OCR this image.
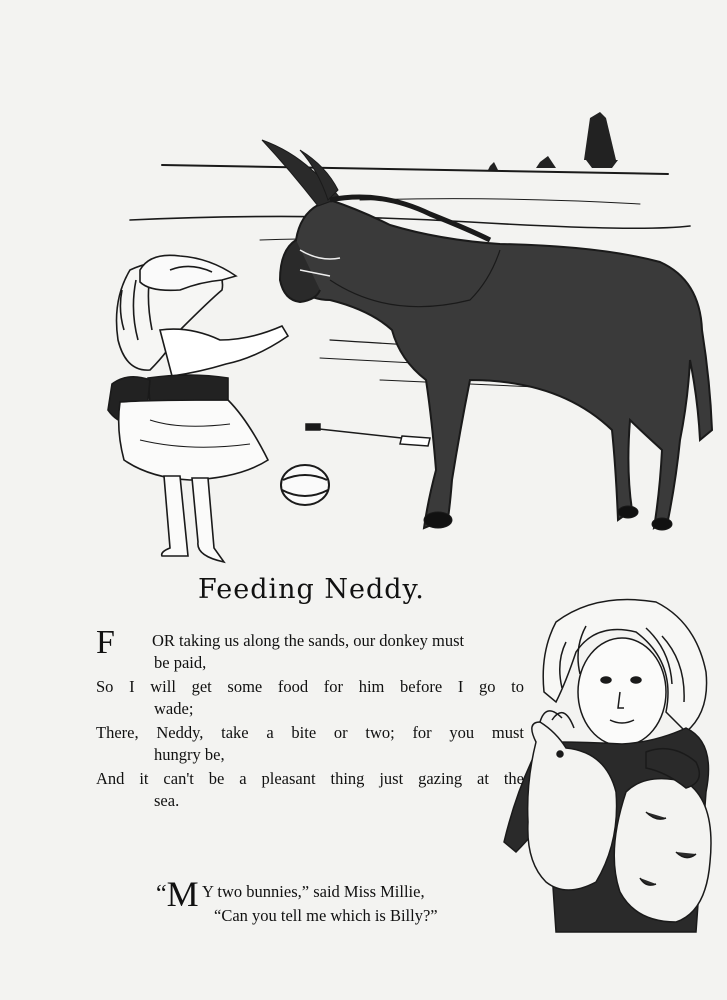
Feeding Neddy.
F OR taking us along the sands, our donkey must
be paid,
So I will get some food for him before I go to
wade;
There, Neddy, take a bite or two; for you must
hungry be,
And it can't be a pleasant thing just gazing at the
sea.
“M Y two bunnies,” said Miss Millie,
“Can you tell me which is Billy?”
